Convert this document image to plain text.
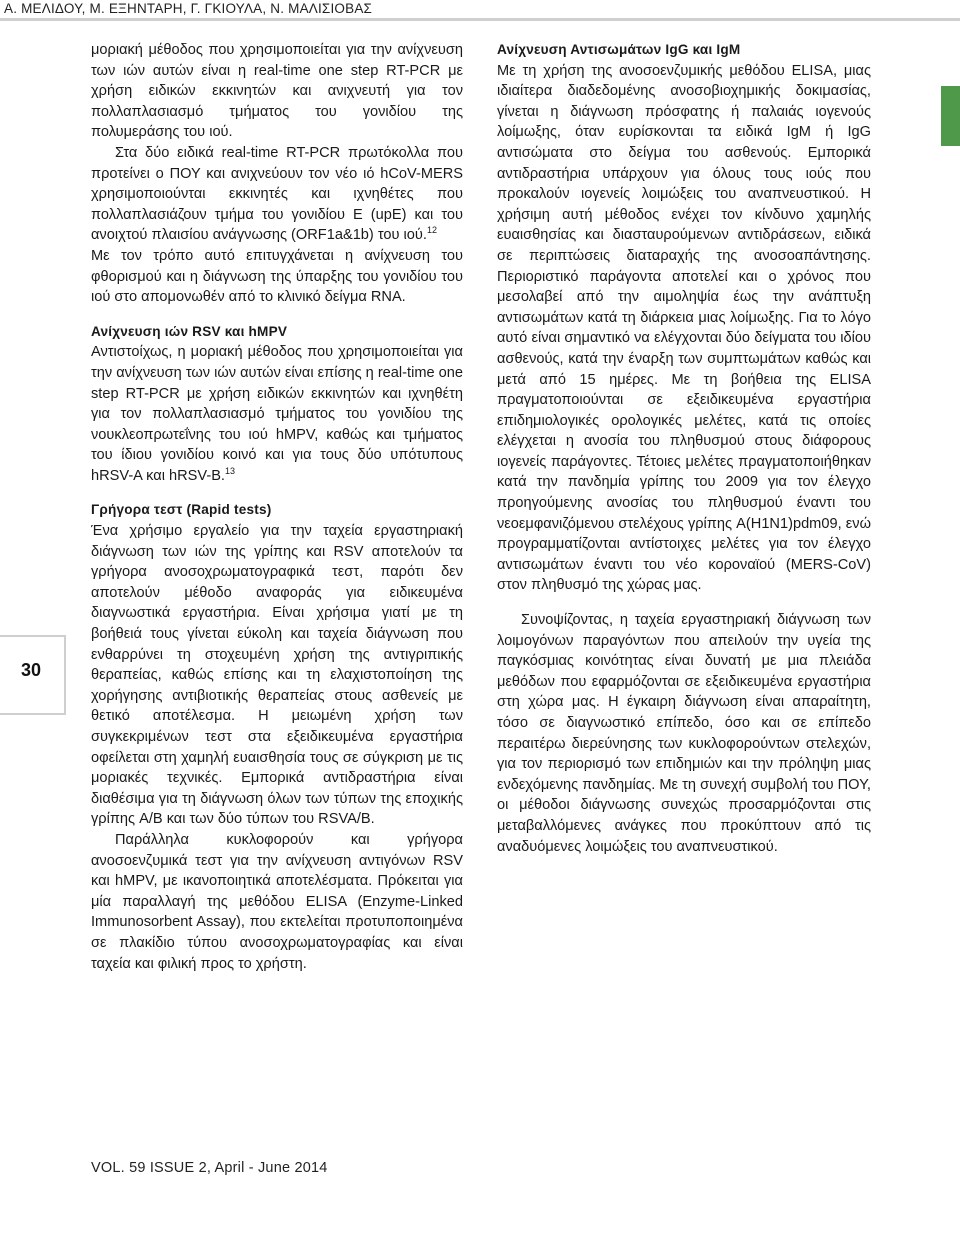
Α. ΜΕΛΙΔΟΥ, Μ. ΕΞΗΝΤΑΡΗ, Γ. ΓΚΙΟΥΛΑ, Ν. ΜΑΛΙΣΙΟΒΑΣ
30

μοριακή μέθοδος που χρησιμοποιείται για την ανίχνευση των ιών αυτών είναι η real-time one step RT-PCR με χρήση ειδικών εκκινητών και ανιχνευτή για τον πολλαπλασιασμό τμήματος του γονιδίου της πολυμεράσης του ιού.

Στα δύο ειδικά real-time RT-PCR πρωτόκολλα που προτείνει ο ΠΟΥ και ανιχνεύουν τον νέο ιό hCoV-MERS χρησιμοποιούνται εκκινητές και ιχνηθέτες που πολλαπλασιάζουν τμήμα του γονιδίου E (upE) και του ανοιχτού πλαισίου ανάγνωσης (ORF1a&1b) του ιού.$^{12}$

Με τον τρόπο αυτό επιτυγχάνεται η ανίχνευση του φθορισμού και η διάγνωση της ύπαρξης του γονιδίου του ιού στο απομονωθέν από το κλινικό δείγμα RNA.

Ανίχνευση ιών RSV και hMPV

Αντιστοίχως, η μοριακή μέθοδος που χρησιμοποιείται για την ανίχνευση των ιών αυτών είναι επίσης η real-time one step RT-PCR με χρήση ειδικών εκκινητών και ιχνηθέτη για τον πολλαπλασιασμό τμήματος του γονιδίου της νουκλεοπρωτεΐνης του ιού hMPV, καθώς και τμήματος του ίδιου γονιδίου κοινό και για τους δύο υπότυπους hRSV-A και hRSV-B.$^{13}$

Γρήγορα τεστ (Rapid tests)

Ένα χρήσιμο εργαλείο για την ταχεία εργαστηριακή διάγνωση των ιών της γρίπης και RSV αποτελούν τα γρήγορα ανοσοχρωματογραφικά τεστ, παρότι δεν αποτελούν μέθοδο αναφοράς για ειδικευμένα διαγνωστικά εργαστήρια. Είναι χρήσιμα γιατί με τη βοήθειά τους γίνεται εύκολη και ταχεία διάγνωση που ενθαρρύνει τη στοχευμένη χρήση της αντιγριπικής θεραπείας, καθώς επίσης και τη ελαχιστοποίηση της χορήγησης αντιβιοτικής θεραπείας στους ασθενείς με θετικό αποτέλεσμα. Η μειωμένη χρήση των συγκεκριμένων τεστ στα εξειδικευμένα εργαστήρια οφείλεται στη χαμηλή ευαισθησία τους σε σύγκριση με τις μοριακές τεχνικές. Εμπορικά αντιδραστήρια είναι διαθέσιμα για τη διάγνωση όλων των τύπων της εποχικής γρίπης A/B και των δύο τύπων του RSVA/B.

Παράλληλα κυκλοφορούν και γρήγορα ανοσοενζυμικά τεστ για την ανίχνευση αντιγόνων RSV και hMPV, με ικανοποιητικά αποτελέσματα. Πρόκειται για μία παραλλαγή της μεθόδου ELISA (Enzyme-Linked Immunosorbent Assay), που εκτελείται προτυποποιημένα σε πλακίδιο τύπου ανοσοχρωματογραφίας και είναι ταχεία και φιλική προς το χρήστη.

Ανίχνευση Αντισωμάτων IgG και IgM

Με τη χρήση της ανοσοενζυμικής μεθόδου ELISA, μιας ιδιαίτερα διαδεδομένης ανοσοβιοχημικής δοκιμασίας, γίνεται η διάγνωση πρόσφατης ή παλαιάς ιογενούς λοίμωξης, όταν ευρίσκονται τα ειδικά IgM ή IgG αντισώματα στο δείγμα του ασθενούς. Εμπορικά αντιδραστήρια υπάρχουν για όλους τους ιούς που προκαλούν ιογενείς λοιμώξεις του αναπνευστικού. Η χρήσιμη αυτή μέθοδος ενέχει τον κίνδυνο χαμηλής ευαισθησίας και διασταυρούμενων αντιδράσεων, ειδικά σε περιπτώσεις διαταραχής της ανοσοαπάντησης. Περιοριστικό παράγοντα αποτελεί και ο χρόνος που μεσολαβεί από την αιμοληψία έως την ανάπτυξη αντισωμάτων κατά τη διάρκεια μιας λοίμωξης. Για το λόγο αυτό είναι σημαντικό να ελέγχονται δύο δείγματα του ιδίου ασθενούς, κατά την έναρξη των συμπτωμάτων καθώς και μετά από 15 ημέρες. Με τη βοήθεια της ELISA πραγματοποιούνται σε εξειδικευμένα εργαστήρια επιδημιολογικές ορολογικές μελέτες, κατά τις οποίες ελέγχεται η ανοσία του πληθυσμού στους διάφορους ιογενείς παράγοντες. Τέτοιες μελέτες πραγματοποιήθηκαν κατά την πανδημία γρίπης του 2009 για τον έλεγχο προηγούμενης ανοσίας του πληθυσμού έναντι του νεοεμφανιζόμενου στελέχους γρίπης A(H1N1)pdm09, ενώ προγραμματίζονται αντίστοιχες μελέτες για τον έλεγχο αντισωμάτων έναντι του νέο κοροναϊού (MERS-CoV) στον πληθυσμό της χώρας μας.

Συνοψίζοντας, η ταχεία εργαστηριακή διάγνωση των λοιμογόνων παραγόντων που απειλούν την υγεία της παγκόσμιας κοινότητας είναι δυνατή με μια πλειάδα μεθόδων που εφαρμόζονται σε εξειδικευμένα εργαστήρια στη χώρα μας. Η έγκαιρη διάγνωση είναι απαραίτητη, τόσο σε διαγνωστικό επίπεδο, όσο και σε επίπεδο περαιτέρω διερεύνησης των κυκλοφορούντων στελεχών, για τον περιορισμό των επιδημιών και την πρόληψη μιας ενδεχόμενης πανδημίας. Με τη συνεχή συμβολή του ΠΟΥ, οι μέθοδοι διάγνωσης συνεχώς προσαρμόζονται στις μεταβαλλόμενες ανάγκες που προκύπτουν από τις αναδυόμενες λοιμώξεις του αναπνευστικού.

VOL. 59 ISSUE 2, April - June 2014
